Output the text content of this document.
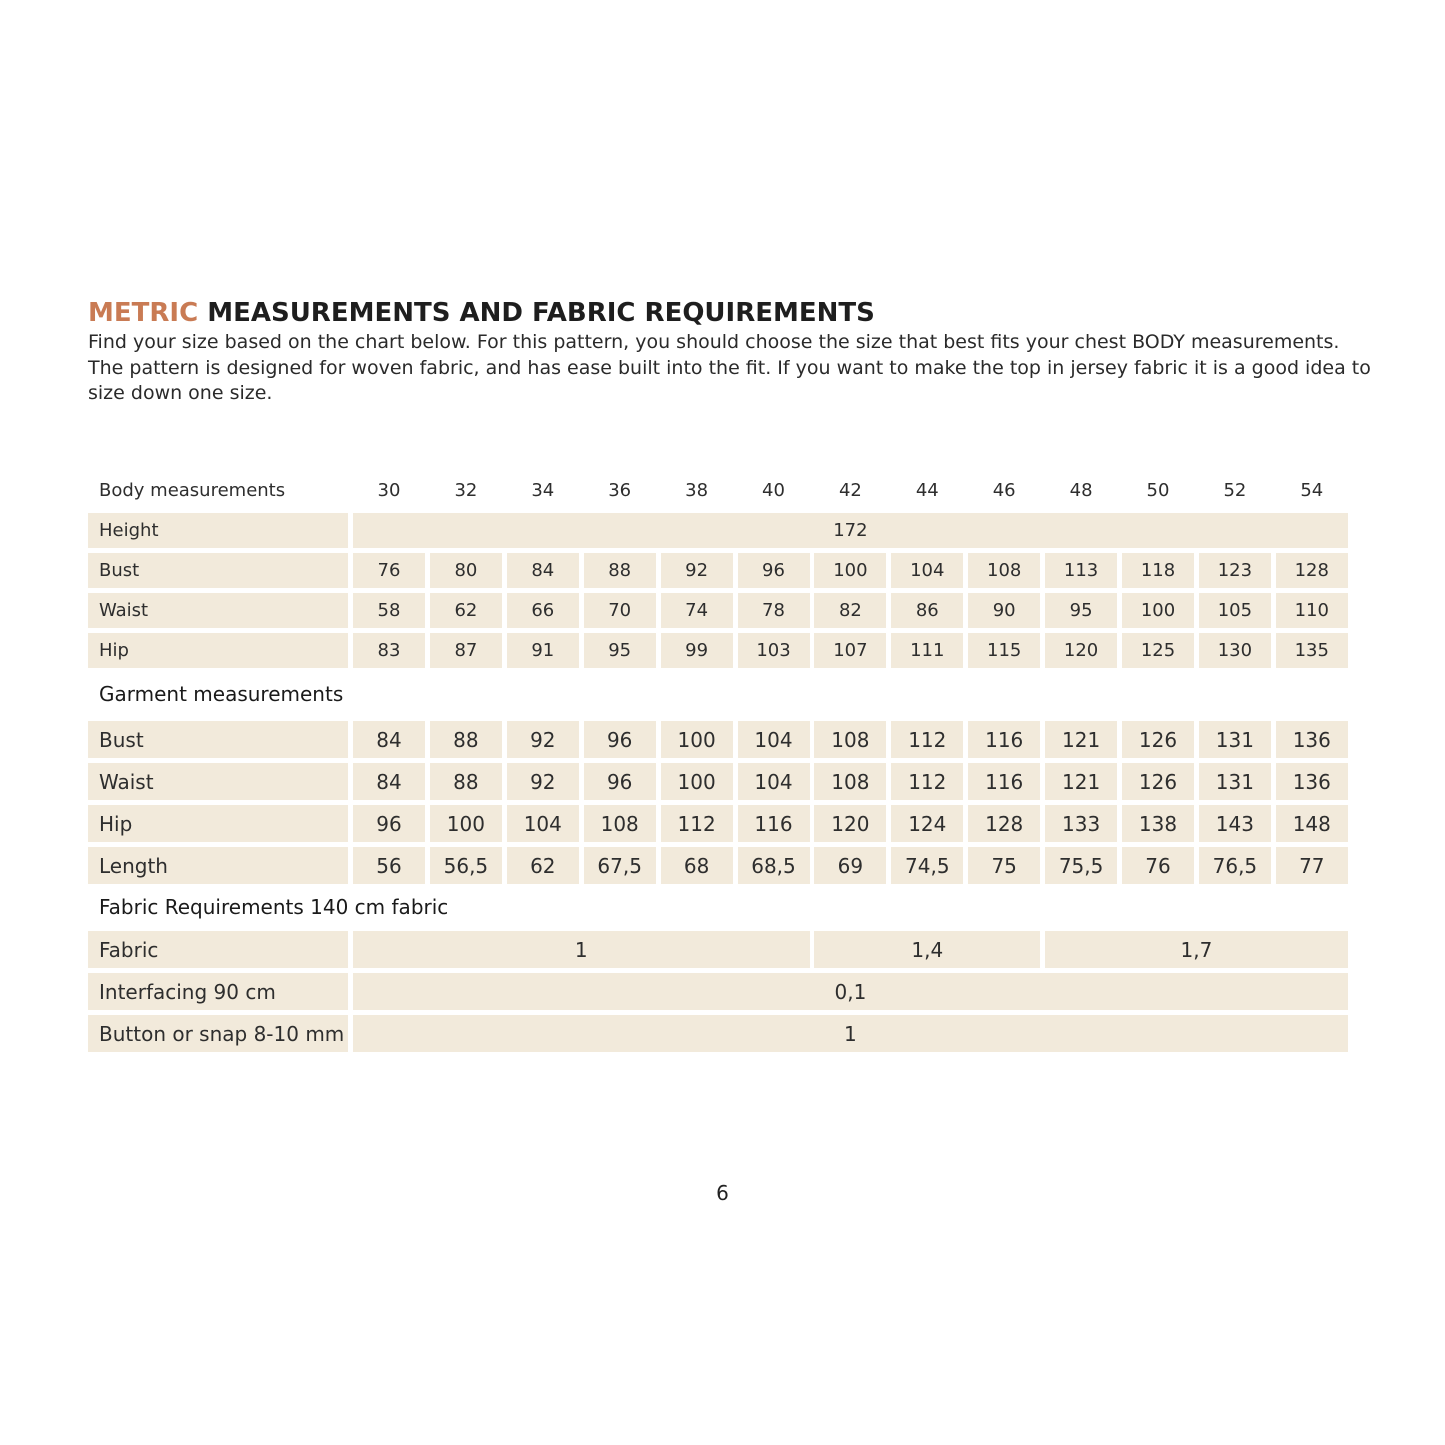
METRIC MEASUREMENTS AND FABRIC REQUIREMENTS

Find your size based on the chart below. For this pattern, you should choose the size that best fits your chest BODY measurements.

The pattern is designed for woven fabric, and has ease built into the fit. If you want to make the top in jersey fabric it is a good idea to

size down one size.

Body measurements	30	32	34	36	38	40	42	44	46	48	50	52	54
Height	172
Bust	76	80	84	88	92	96	100	104	108	113	118	123	128
Waist	58	62	66	70	74	78	82	86	90	95	100	105	110
Hip	83	87	91	95	99	103	107	111	115	120	125	130	135
Garment measurements
Bust	84	88	92	96	100	104	108	112	116	121	126	131	136
Waist	84	88	92	96	100	104	108	112	116	121	126	131	136
Hip	96	100	104	108	112	116	120	124	128	133	138	143	148
Length	56	56,5	62	67,5	68	68,5	69	74,5	75	75,5	76	76,5	77
Fabric Requirements 140 cm fabric
Fabric	1	1,4	1,7
Interfacing 90 cm	0,1
Button or snap 8-10 mm	1
6
